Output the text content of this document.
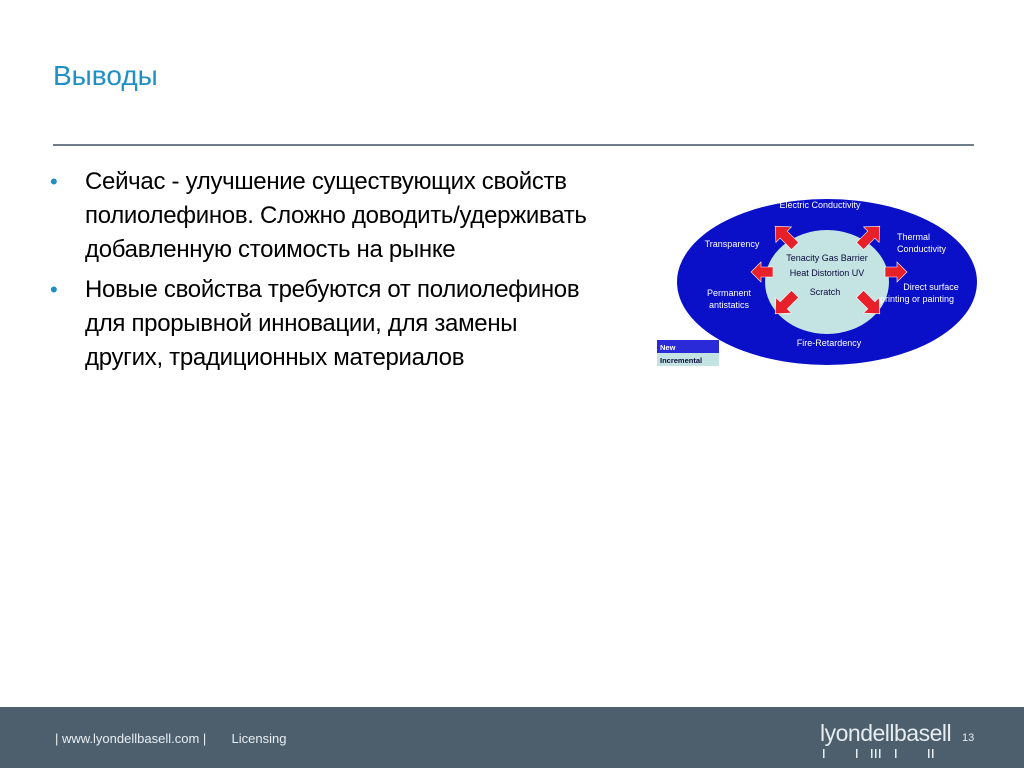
Выводы
• Сейчас - улучшение существующих свойств полиолефинов. Сложно доводить/удерживать добавленную стоимость на рынке
• Новые свойства требуются от полиолефинов для прорывной инновации, для замены других, традиционных материалов
Electric Conductivity
Transparency
Thermal
Conductivity
Permanent
antistatics
Direct surface
printing or painting
Fire-Retardency
Tenacity Gas Barrier
Heat Distortion UV
Scratch
New
Incremental
| www.lyondellbasell.com | Licensing	lyondellbasell 13
